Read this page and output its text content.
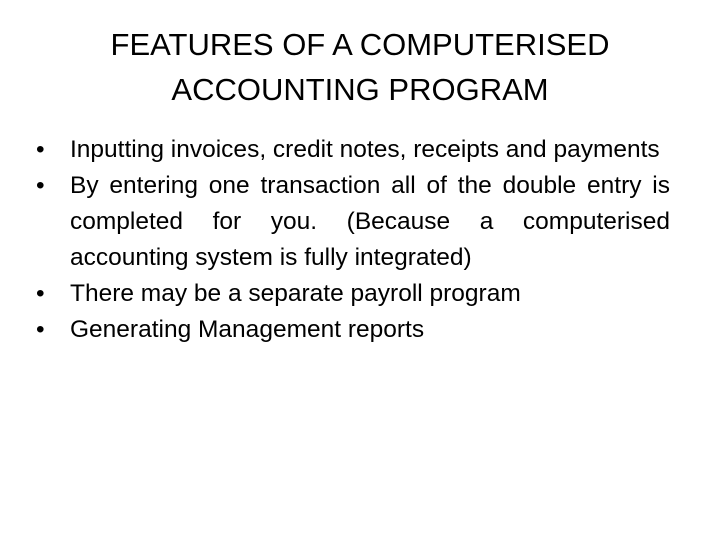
FEATURES OF A COMPUTERISED
ACCOUNTING PROGRAM
•	Inputting invoices, credit notes, receipts and payments
•	By entering one transaction all of the double entry is completed for you. (Because a computerised accounting system is fully integrated)
•	There may be a separate payroll program
•	Generating Management reports
